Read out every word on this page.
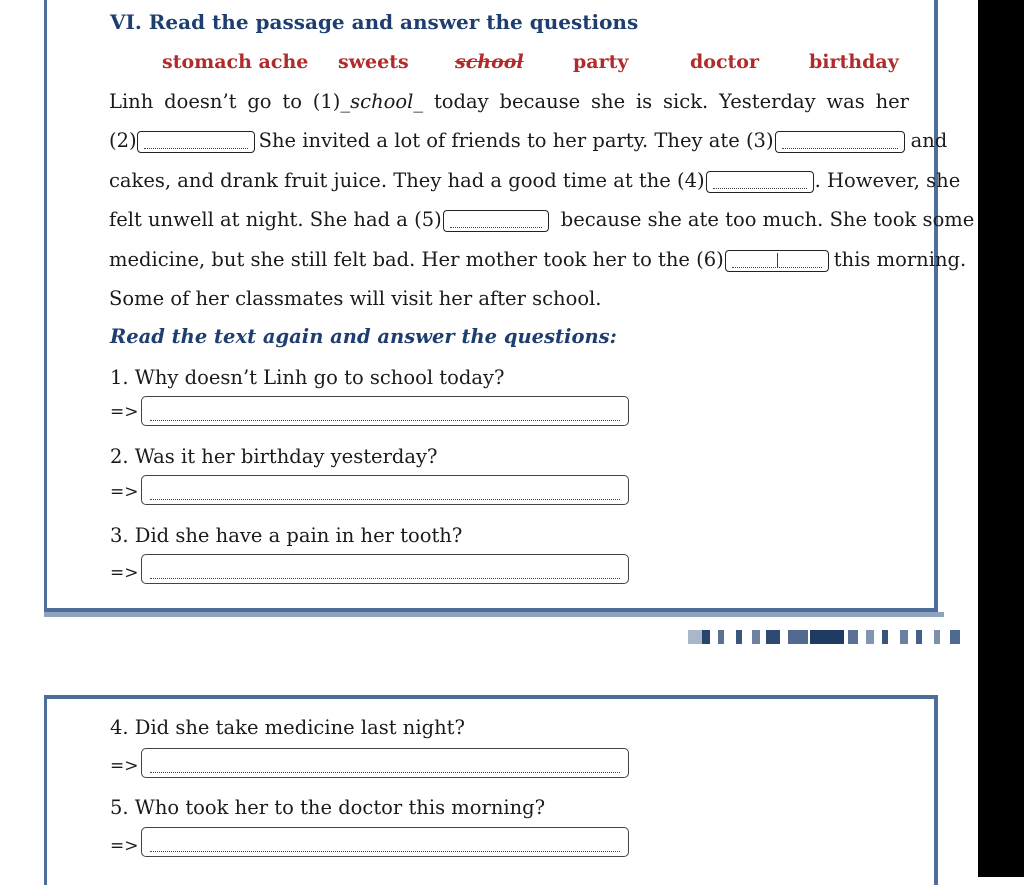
VI. Read the passage and answer the questions
stomach ache sweets school	party	doctor	birthday
Linh doesn’t go to (1)_school_ today because she is sick. Yesterday was her
(2)	She invited a lot of friends to her party. They ate (3)	and
cakes, and drank fruit juice. They had a good time at the (4)	. However, she
felt unwell at night. She had a (5)	because she ate too much. She took some
medicine, but she still felt bad. Her mother took her to the (6)	this morning.
Some of her classmates will visit her after school.
Read the text again and answer the questions:
1. Why doesn’t Linh go to school today?
=>
2. Was it her birthday yesterday?
=>
3. Did she have a pain in her tooth?
=>
4. Did she take medicine last night?
=>
5. Who took her to the doctor this morning?
=>
